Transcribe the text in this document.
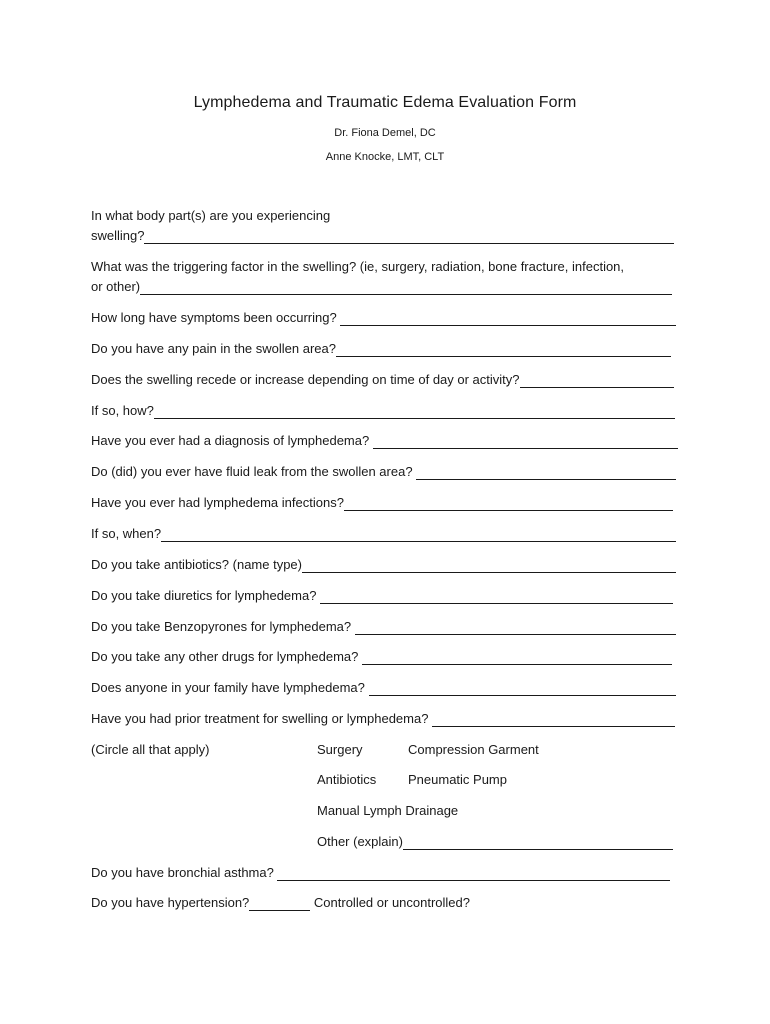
Lymphedema and Traumatic Edema Evaluation Form
Dr. Fiona Demel, DC
Anne Knocke, LMT, CLT
In what body part(s) are you experiencing
swelling?
What was the triggering factor in the swelling? (ie, surgery, radiation, bone fracture, infection,
or other)
How long have symptoms been occurring?

Do you have any pain in the swollen area?
Does the swelling recede or increase depending on time of day or activity?
If so, how?
Have you ever had a diagnosis of lymphedema?

Do (did) you ever have fluid leak from the swollen area?

Have you ever had lymphedema infections?
If so, when?
Do you take antibiotics? (name type)
Do you take diuretics for lymphedema?

Do you take Benzopyrones for lymphedema?

Do you take any other drugs for lymphedema?

Does anyone in your family have lymphedema?

Have you had prior treatment for swelling or lymphedema?

(Circle all that apply)	Surgery	Compression Garment
Antibiotics Pneumatic Pump
Manual Lymph Drainage
Other (explain)
Do you have bronchial asthma?

Do you have hypertension?
	Controlled or uncontrolled?
